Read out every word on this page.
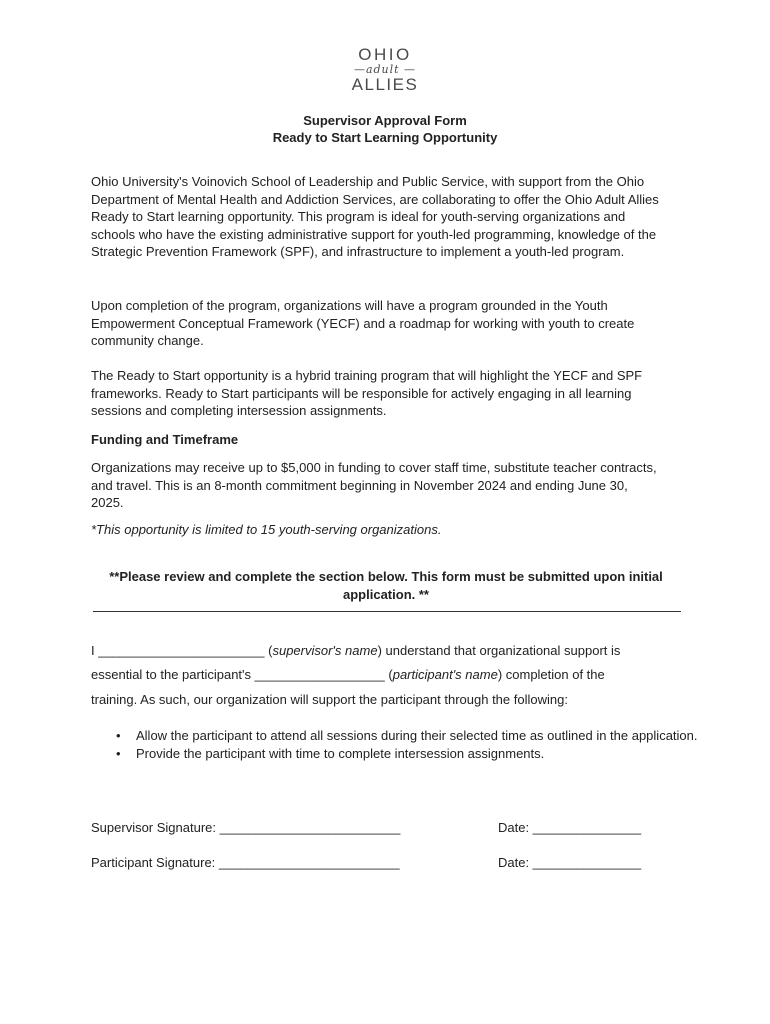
OHIO
— adult —
ALLIES
Supervisor Approval Form
Ready to Start Learning Opportunity

Ohio University's Voinovich School of Leadership and Public Service, with support from the Ohio Department of Mental Health and Addiction Services, are collaborating to offer the Ohio Adult Allies Ready to Start learning opportunity. This program is ideal for youth-serving organizations and schools who have the existing administrative support for youth-led programming, knowledge of the Strategic Prevention Framework (SPF), and infrastructure to implement a youth-led program.

Upon completion of the program, organizations will have a program grounded in the Youth Empowerment Conceptual Framework (YECF) and a roadmap for working with youth to create community change.

The Ready to Start opportunity is a hybrid training program that will highlight the YECF and SPF frameworks. Ready to Start participants will be responsible for actively engaging in all learning sessions and completing intersession assignments.

Funding and Timeframe

Organizations may receive up to $5,000 in funding to cover staff time, substitute teacher contracts, and travel. This is an 8-month commitment beginning in November 2024 and ending June 30, 2025.

*This opportunity is limited to 15 youth-serving organizations.

**Please review and complete the section below. This form must be submitted upon initial application. **

I _______________________ (supervisor's name) understand that organizational support is

essential to the participant's __________________ (participant's name) completion of the

training. As such, our organization will support the participant through the following:

• Allow the participant to attend all sessions during their selected time as outlined in the application.
• Provide the participant with time to complete intersession assignments.

Supervisor Signature: _________________________	Date: _______________

Participant Signature: _________________________	Date: _______________
